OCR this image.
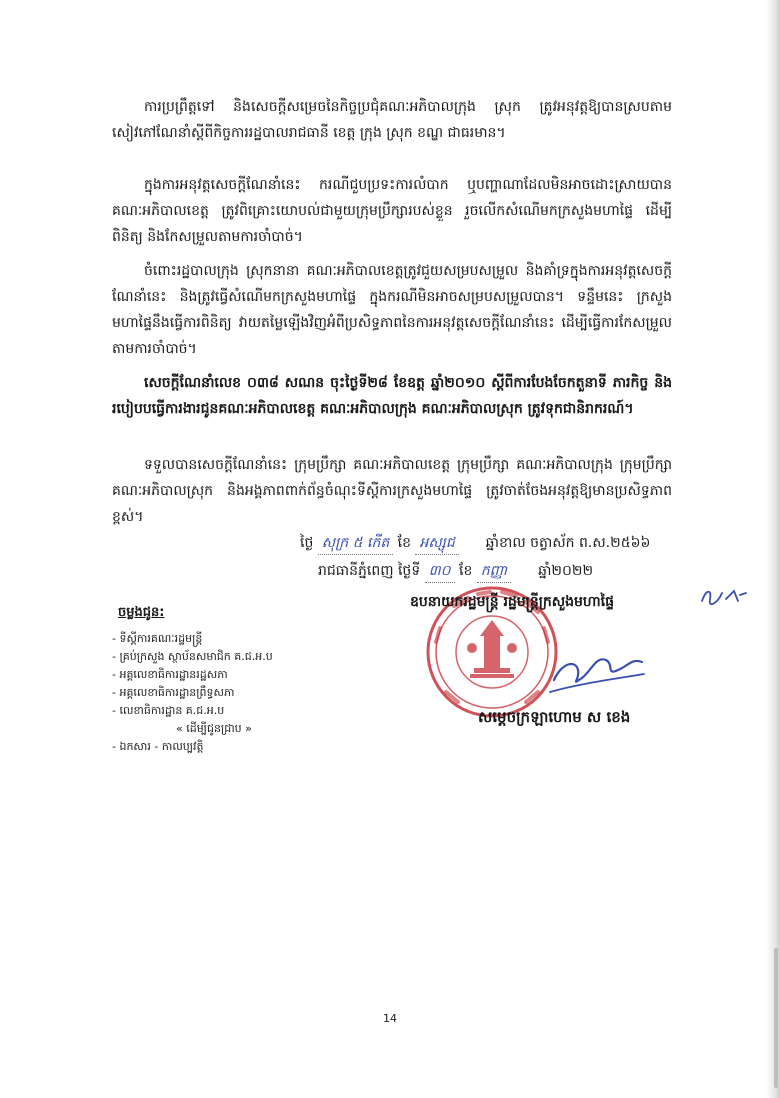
ការប្រព្រឹត្តទៅ និងសេចក្ដីសម្រេចនៃកិច្ចប្រជុំគណៈអភិបាលក្រុង ស្រុក ត្រូវអនុវត្តឱ្យបានស្របតាមសៀវភៅណែនាំស្ដីពីកិច្ចការរដ្ឋបាលរាជធានី ខេត្ត ក្រុង ស្រុក ខណ្ឌ ជាធរមាន។

ក្នុងការអនុវត្តសេចក្ដីណែនាំនេះ ករណីជួបប្រទះការលំបាក ឬបញ្ហាណាដែលមិនអាចដោះស្រាយបាន គណៈអភិបាលខេត្ត ត្រូវពិគ្រោះយោបល់ជាមួយក្រុមប្រឹក្សារបស់ខ្លួន រួចលើកសំណើមកក្រសួងមហាផ្ទៃ ដើម្បីពិនិត្យ និងកែសម្រួលតាមការចាំបាច់។

ចំពោះរដ្ឋបាលក្រុង ស្រុកនានា គណៈអភិបាលខេត្តត្រូវជួយសម្របសម្រួល និងគាំទ្រក្នុងការអនុវត្តសេចក្ដីណែនាំនេះ និងត្រូវធ្វើសំណើមកក្រសួងមហាផ្ទៃ ក្នុងករណីមិនអាចសម្របសម្រួលបាន។ ទន្ទឹមនេះ ក្រសួងមហាផ្ទៃនឹងធ្វើការពិនិត្យ វាយតម្លៃឡើងវិញអំពីប្រសិទ្ធភាពនៃការអនុវត្តសេចក្ដីណែនាំនេះ ដើម្បីធ្វើការកែសម្រួលតាមការចាំបាច់។

សេចក្ដីណែនាំលេខ ០៣៨ សណន ចុះថ្ងៃទី២៨ ខែឧត្ត ឆ្នាំ២០១០ ស្ដីពីការបែងចែកតួនាទី ភារកិច្ច និងរបៀបបធ្វើការងារជូនគណៈអភិបាលខេត្ត គណៈអភិបាលក្រុង គណៈអភិបាលស្រុក ត្រូវទុកជានិរាករណ៍។

ទទួលបានសេចក្ដីណែនាំនេះ ក្រុមប្រឹក្សា គណៈអភិបាលខេត្ត ក្រុមប្រឹក្សា គណៈអភិបាលក្រុង ក្រុមប្រឹក្សា គណៈអភិបាលស្រុក និងអង្គភាពពាក់ព័ន្ធចំណុះទីស្ដីការក្រសួងមហាផ្ទៃ ត្រូវចាត់ចែងអនុវត្តឱ្យមានប្រសិទ្ធភាពខ្ពស់។

ថ្ងៃ សុក្រ ៥ កើត ខែ អស្សុជ ឆ្នាំខាល ចត្វាស័ក ព.ស.២៥៦៦
រាជធានីភ្នំពេញ ថ្ងៃទី ៣០ ខែ កញ្ញា ឆ្នាំ២០២២
ឧបនាយករដ្ឋមន្ត្រី រដ្ឋមន្ត្រីក្រសួងមហាផ្ទៃ
សម្ដេចក្រឡាហោម ស ខេង
ចម្លងជូន:
- ទីស្ដីការគណៈរដ្ឋមន្ត្រី
- គ្រប់ក្រសួង ស្ថាប័នសមាជិក គ.ជ.អ.ប
- អគ្គលេខាធិការដ្ឋានរដ្ឋសភា
- អគ្គលេខាធិការដ្ឋានព្រឹទ្ធសភា
- លេខាធិការដ្ឋាន គ.ជ.អ.ប
« ដើម្បីជូនជ្រាប »
- ឯកសារ - កាលប្បវត្តិ
14
